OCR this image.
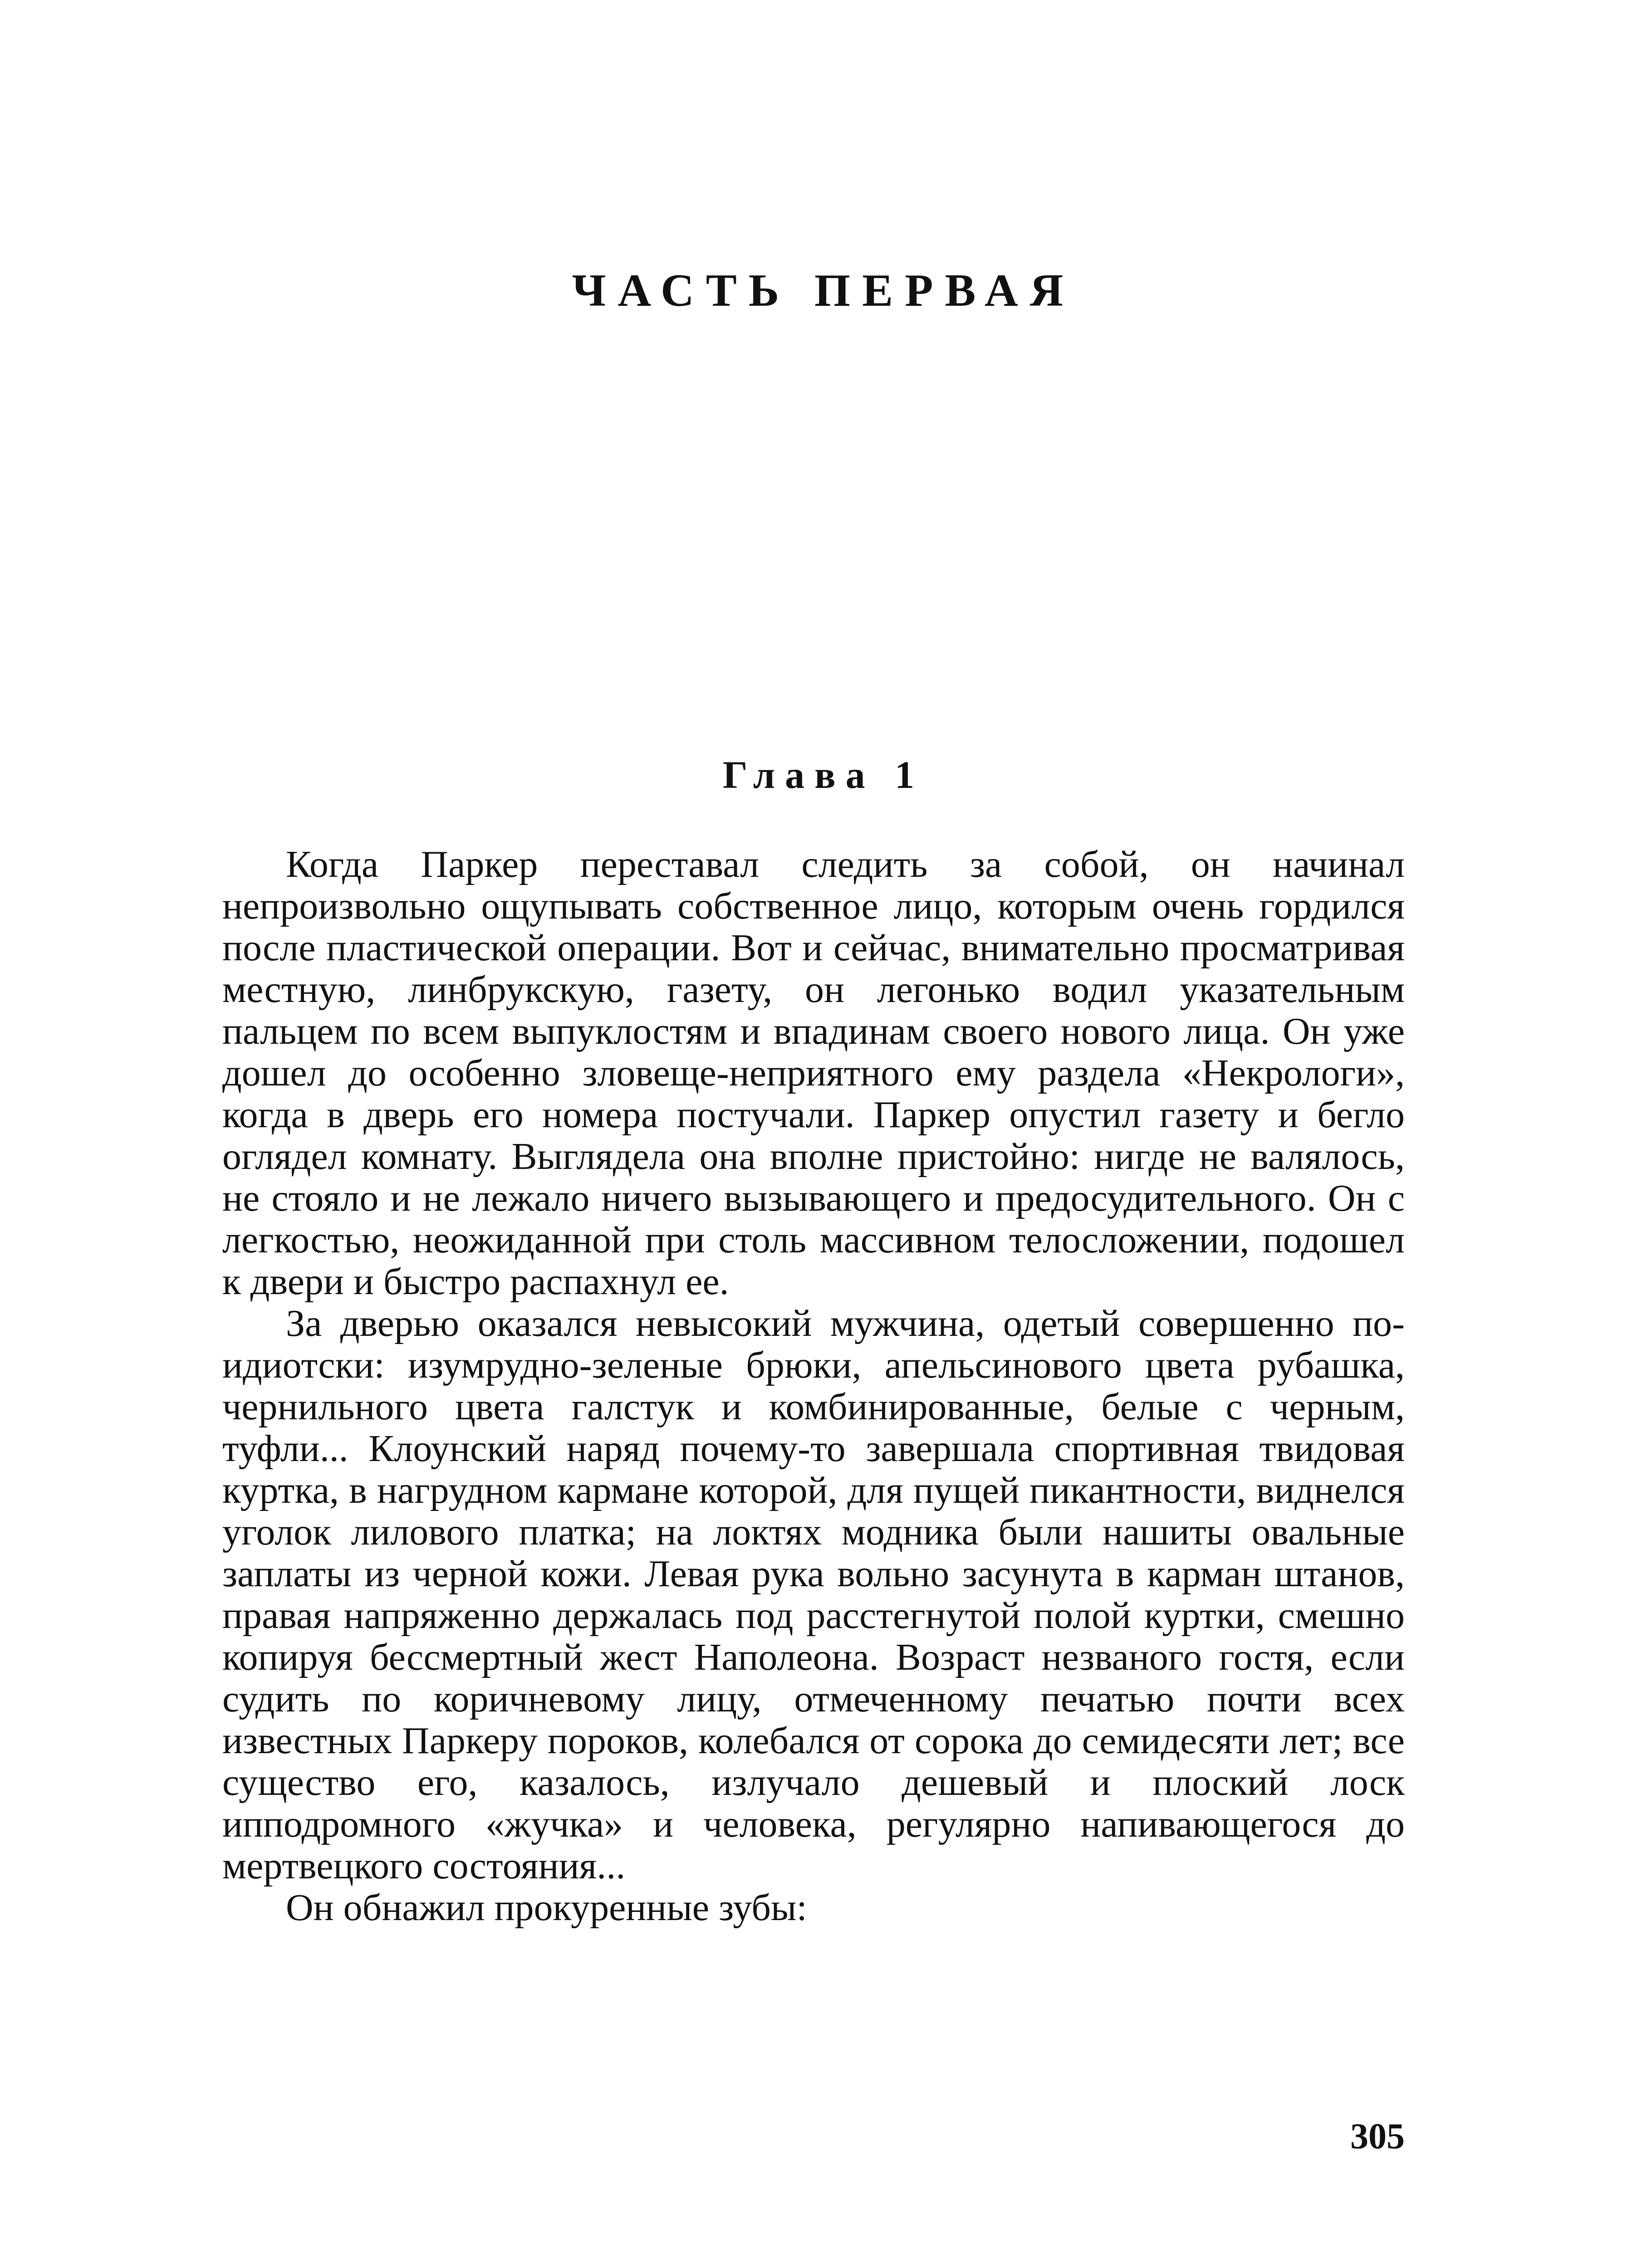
ЧАСТЬ ПЕРВАЯ
Глава 1

Когда Паркер переставал следить за собой, он начинал непроизвольно ощупывать собственное лицо, которым очень гордился после пластической операции. Вот и сейчас, внимательно просматривая местную, линбрукскую, газету, он легонько водил указательным пальцем по всем выпуклостям и впадинам своего нового лица. Он уже дошел до особенно зловеще-неприятного ему раздела «Некрологи», когда в дверь его номера постучали. Паркер опустил газету и бегло оглядел комнату. Выглядела она вполне пристойно: нигде не валялось, не стояло и не лежало ничего вызывающего и предосудительного. Он с легкостью, неожиданной при столь массивном телосложении, подошел к двери и быстро распахнул ее.

За дверью оказался невысокий мужчина, одетый совершенно по-идиотски: изумрудно-зеленые брюки, апельсинового цвета рубашка, чернильного цвета галстук и комбинированные, белые с черным, туфли... Клоунский наряд почему-то завершала спортивная твидовая куртка, в нагрудном кармане которой, для пущей пикантности, виднелся уголок лилового платка; на локтях модника были нашиты овальные заплаты из черной кожи. Левая рука вольно засунута в карман штанов, правая напряженно держалась под расстегнутой полой куртки, смешно копируя бессмертный жест Наполеона. Возраст незваного гостя, если судить по коричневому лицу, отмеченному печатью почти всех известных Паркеру пороков, колебался от сорока до семидесяти лет; все существо его, казалось, излучало дешевый и плоский лоск ипподромного «жучка» и человека, регулярно напивающегося до мертвецкого состояния...

Он обнажил прокуренные зубы:

305
